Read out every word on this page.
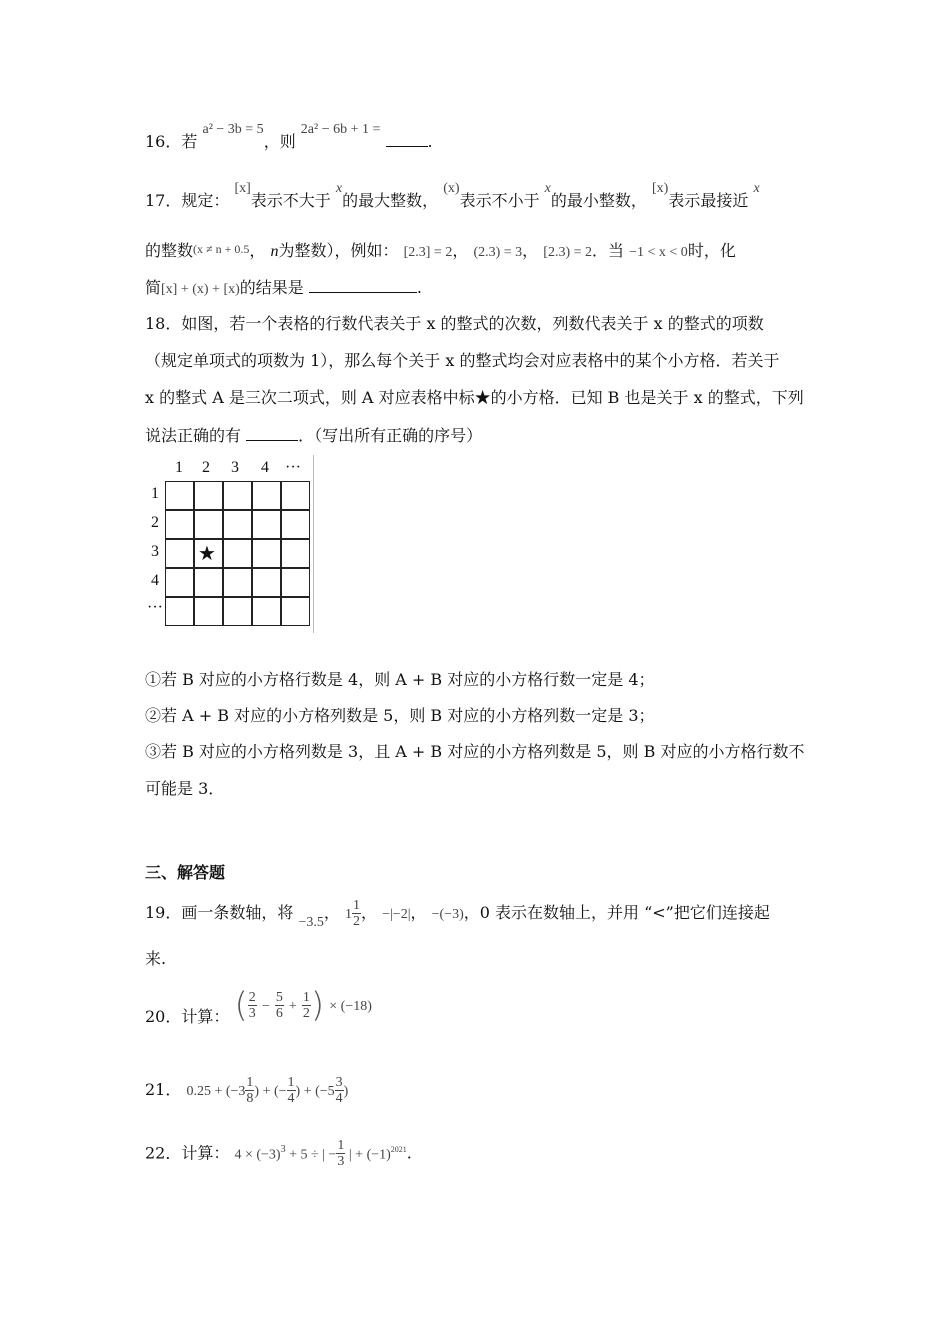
16．若 a² − 3b = 5，则 2a² − 6b + 1 = .
17．规定： [x]表示不大于 x的最大整数， (x)表示不小于 x的最小整数， [x)表示最接近 x
的整数(x ≠ n + 0.5， n为整数），例如： [2.3] = 2， (2.3) = 3， [2.3) = 2．当 −1 < x < 0时，化
简[x] + (x) + [x)的结果是	.
18．如图，若一个表格的行数代表关于 x 的整式的次数，列数代表关于 x 的整式的项数
（规定单项式的项数为 1），那么每个关于 x 的整式均会对应表格中的某个小方格．若关于
x 的整式 A 是三次二项式，则 A 对应表格中标★的小方格．已知 B 也是关于 x 的整式，下列
说法正确的有	．（写出所有正确的序号）
1 2 3 4 ···
1
2
3
4
···
★
①若 B 对应的小方格行数是 4，则 A + B 对应的小方格行数一定是 4；
②若 A + B 对应的小方格列数是 5，则 B 对应的小方格列数一定是 3；
③若 B 对应的小方格列数是 3，且 A + B 对应的小方格列数是 5，则 B 对应的小方格行数不
可能是 3．
三、解答题
19．画一条数轴，将 −3.5， $1 \frac{1}{2}$ ， −|−2|， −(−3)，0 表示在数轴上，并用 “<”把它们连接起
来.
20．计算： ( $\frac{2}{3} - \frac{5}{6} + \frac{1}{2}$ ) × (−18)
21． $0.25 + (-3 \frac{1}{8}$ ) + (− $\frac{1}{4}$ ) + ($-5 \frac{3}{4}$ )
22．计算： $4 \times (-3)^3 + 5$ ÷ | − $\frac{1}{3}$ | + $(-1)^{2021}$.
